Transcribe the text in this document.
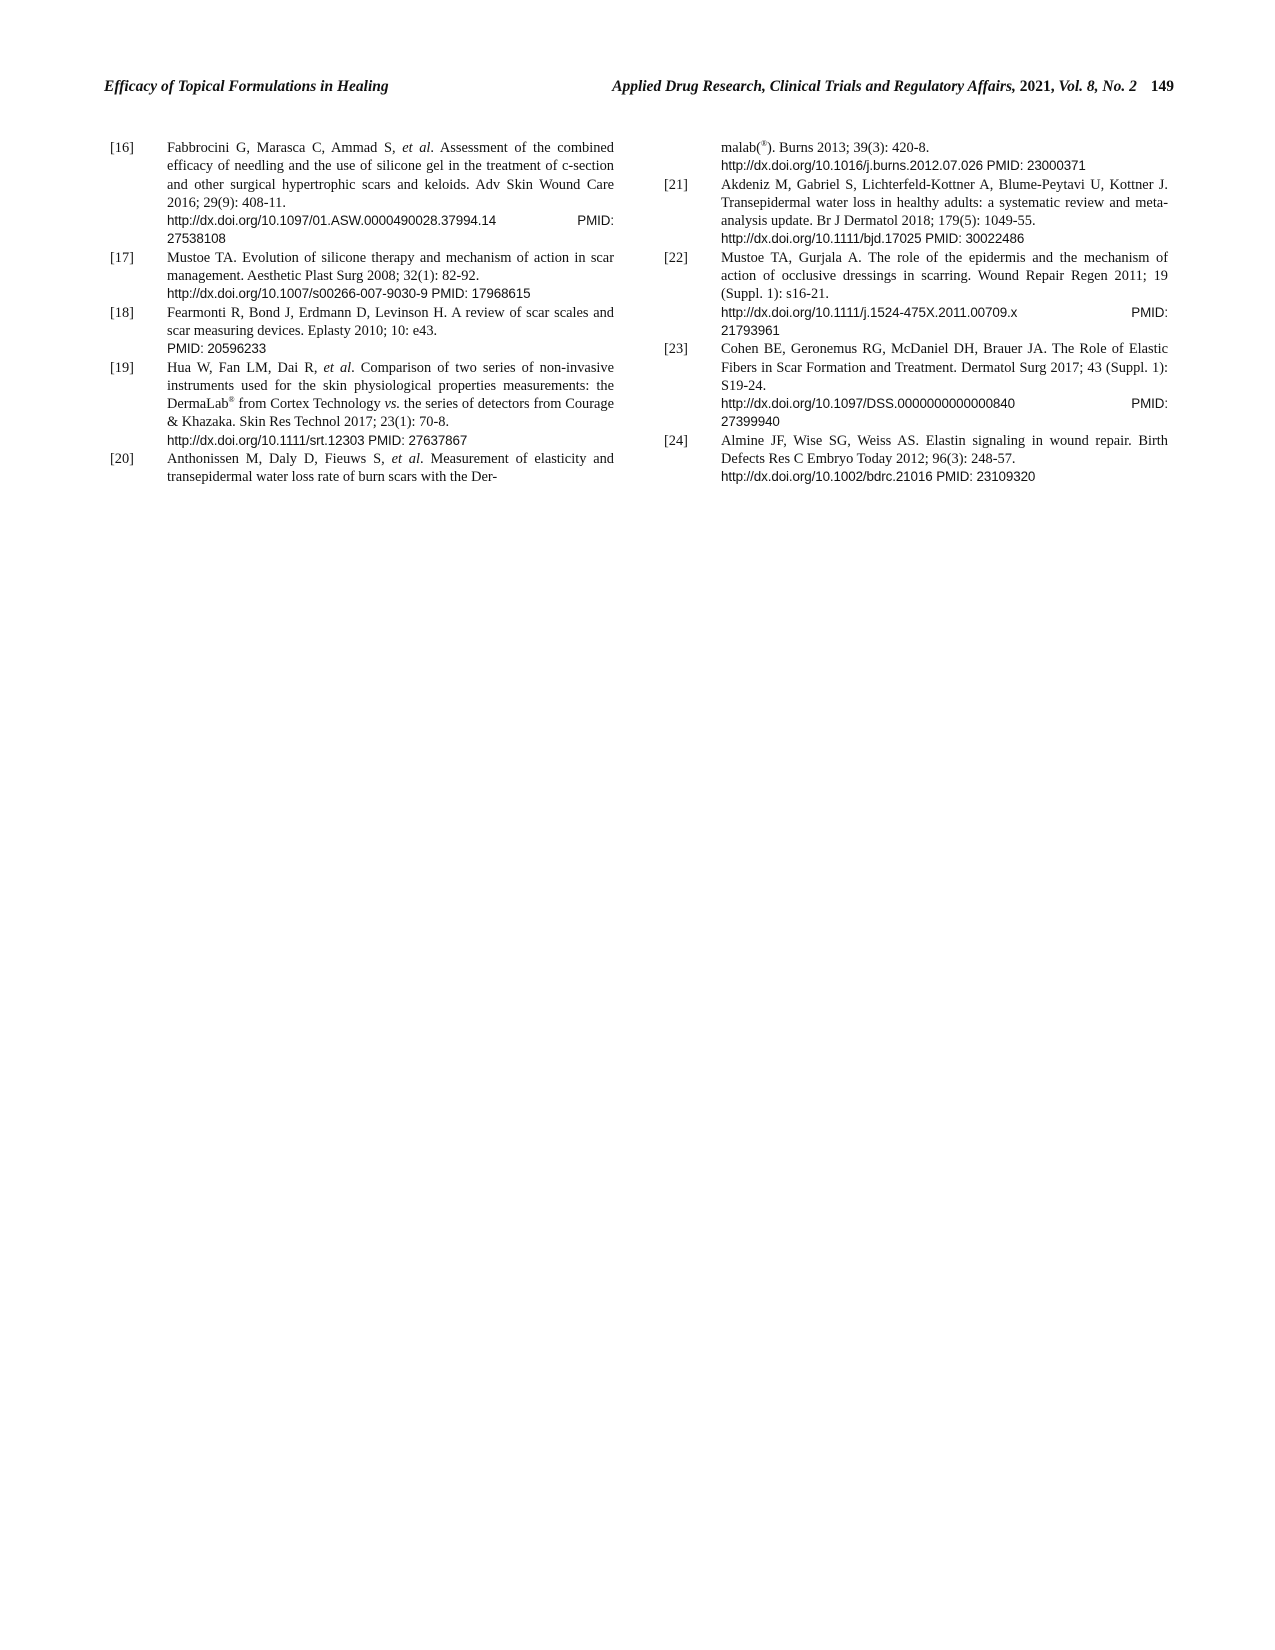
Efficacy of Topical Formulations in Healing	Applied Drug Research, Clinical Trials and Regulatory Affairs, 2021, Vol. 8, No. 2 149
[16] Fabbrocini G, Marasca C, Ammad S, et al. Assessment of the combined efficacy of needling and the use of silicone gel in the treatment of c-section and other surgical hypertrophic scars and keloids. Adv Skin Wound Care 2016; 29(9): 408-11.
http://dx.doi.org/10.1097/01.ASW.0000490028.37994.14	PMID:
27538108
[17] Mustoe TA. Evolution of silicone therapy and mechanism of action in scar management. Aesthetic Plast Surg 2008; 32(1): 82-92.
http://dx.doi.org/10.1007/s00266-007-9030-9 PMID: 17968615
[18] Fearmonti R, Bond J, Erdmann D, Levinson H. A review of scar scales and scar measuring devices. Eplasty 2010; 10: e43.
PMID: 20596233
[19] Hua W, Fan LM, Dai R, et al. Comparison of two series of non-invasive instruments used for the skin physiological properties measurements: the DermaLab® from Cortex Technology vs. the series of detectors from Courage & Khazaka. Skin Res Technol 2017; 23(1): 70-8.
http://dx.doi.org/10.1111/srt.12303 PMID: 27637867
[20] Anthonissen M, Daly D, Fieuws S, et al. Measurement of elasticity and transepidermal water loss rate of burn scars with the Der-
malab(®). Burns 2013; 39(3): 420-8.
http://dx.doi.org/10.1016/j.burns.2012.07.026 PMID: 23000371
[21] Akdeniz M, Gabriel S, Lichterfeld-Kottner A, Blume-Peytavi U, Kottner J. Transepidermal water loss in healthy adults: a systematic review and meta-analysis update. Br J Dermatol 2018; 179(5): 1049-55.
http://dx.doi.org/10.1111/bjd.17025 PMID: 30022486
[22] Mustoe TA, Gurjala A. The role of the epidermis and the mechanism of action of occlusive dressings in scarring. Wound Repair Regen 2011; 19 (Suppl. 1): s16-21.
http://dx.doi.org/10.1111/j.1524-475X.2011.00709.x	PMID:
21793961
[23] Cohen BE, Geronemus RG, McDaniel DH, Brauer JA. The Role of Elastic Fibers in Scar Formation and Treatment. Dermatol Surg 2017; 43 (Suppl. 1): S19-24.
http://dx.doi.org/10.1097/DSS.0000000000000840	PMID:
27399940
[24] Almine JF, Wise SG, Weiss AS. Elastin signaling in wound repair. Birth Defects Res C Embryo Today 2012; 96(3): 248-57.
http://dx.doi.org/10.1002/bdrc.21016 PMID: 23109320
